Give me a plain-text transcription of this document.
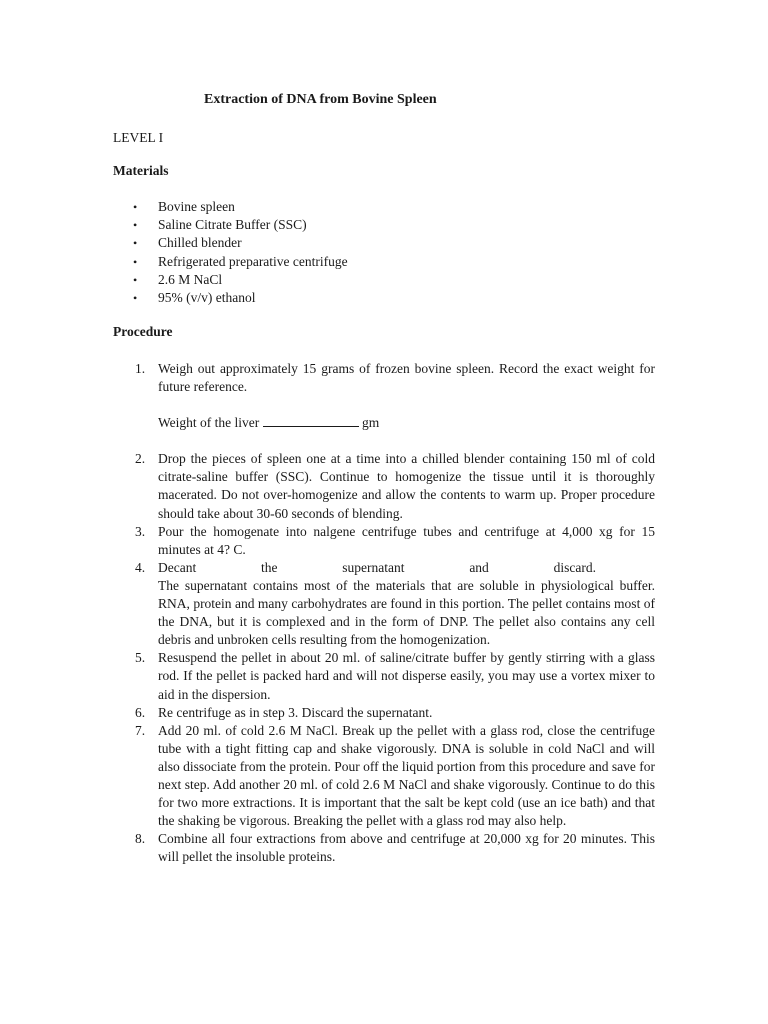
Extraction of DNA from Bovine Spleen
LEVEL I
Materials
• Bovine spleen
• Saline Citrate Buffer (SSC)
• Chilled blender
• Refrigerated preparative centrifuge
• 2.6 M NaCl
• 95% (v/v) ethanol
Procedure
1. Weigh out approximately 15 grams of frozen bovine spleen. Record the exact weight for future reference.
Weight of the liver	gm
2. Drop the pieces of spleen one at a time into a chilled blender containing 150 ml of cold citrate-saline buffer (SSC). Continue to homogenize the tissue until it is thoroughly macerated. Do not over-homogenize and allow the contents to warm up. Proper procedure should take about 30-60 seconds of blending.
3. Pour the homogenate into nalgene centrifuge tubes and centrifuge at 4,000 xg for 15 minutes at 4? C.
4. Decant	the	supernatant	and	discard.
The supernatant contains most of the materials that are soluble in physiological buffer. RNA, protein and many carbohydrates are found in this portion. The pellet contains most of the DNA, but it is complexed and in the form of DNP. The pellet also contains any cell debris and unbroken cells resulting from the homogenization.
5. Resuspend the pellet in about 20 ml. of saline/citrate buffer by gently stirring with a glass rod. If the pellet is packed hard and will not disperse easily, you may use a vortex mixer to aid in the dispersion.
6. Re centrifuge as in step 3. Discard the supernatant.
7. Add 20 ml. of cold 2.6 M NaCl. Break up the pellet with a glass rod, close the centrifuge tube with a tight fitting cap and shake vigorously. DNA is soluble in cold NaCl and will also dissociate from the protein. Pour off the liquid portion from this procedure and save for next step. Add another 20 ml. of cold 2.6 M NaCl and shake vigorously. Continue to do this for two more extractions. It is important that the salt be kept cold (use an ice bath) and that the shaking be vigorous. Breaking the pellet with a glass rod may also help.
8. Combine all four extractions from above and centrifuge at 20,000 xg for 20 minutes. This will pellet the insoluble proteins.
